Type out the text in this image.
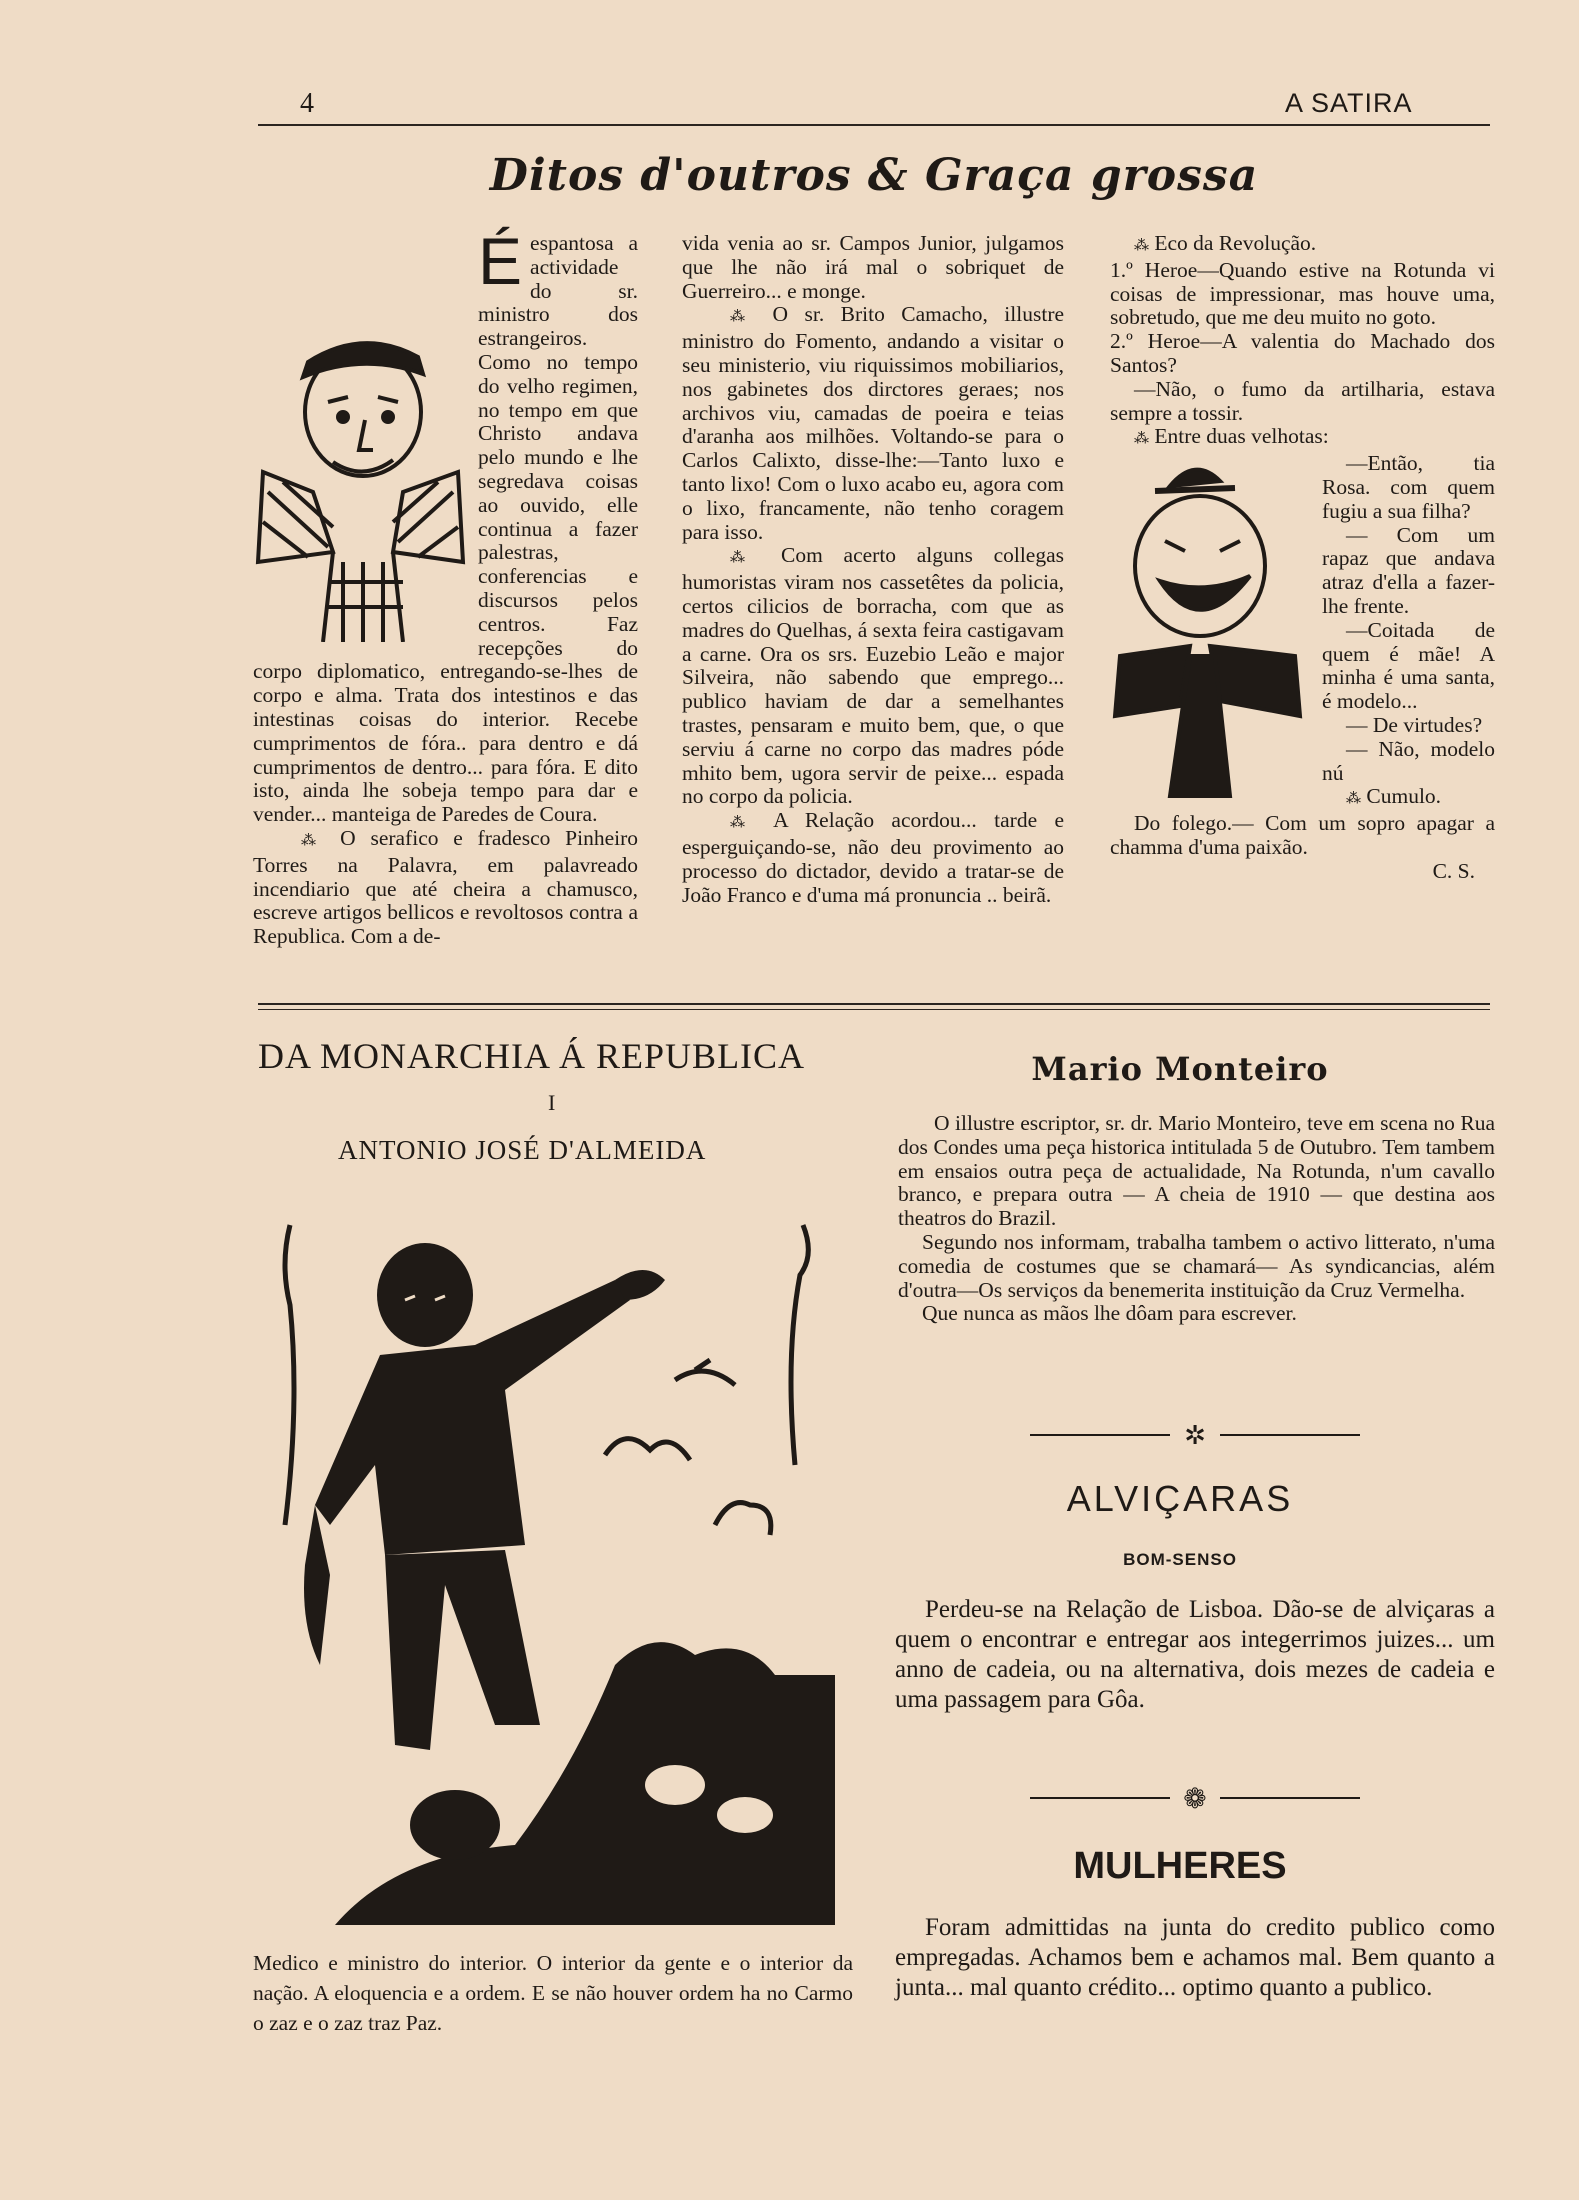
4	A SATIRA
Ditos d'outros & Graça grossa

Éespantosa a actividade do sr. ministro dos estrangeiros. Como no tempo do velho regimen, no tempo em que Christo andava pelo mundo e lhe segredava coisas ao ouvido, elle continua a fazer palestras, conferencias e discursos pelos centros. Faz recepções do corpo diplomatico, entregando-se-lhes de corpo e alma. Trata dos intestinos e das intestinas coisas do interior. Recebe cumprimentos de fóra.. para dentro e dá cumprimentos de dentro... para fóra. E dito isto, ainda lhe sobeja tempo para dar e vender... manteiga de Paredes de Coura.

⁂ O serafico e fradesco Pinheiro Torres na Palavra, em palavreado incendiario que até cheira a chamusco, escreve artigos bellicos e revoltosos contra a Republica. Com a de-

vida venia ao sr. Campos Junior, julgamos que lhe não irá mal o sobriquet de Guerreiro... e monge.

⁂ O sr. Brito Camacho, illustre ministro do Fomento, andando a visitar o seu ministerio, viu riquissimos mobiliarios, nos gabinetes dos dirctores geraes; nos archivos viu, camadas de poeira e teias d'aranha aos milhões. Voltando-se para o Carlos Calixto, disse-lhe:—Tanto luxo e tanto lixo! Com o luxo acabo eu, agora com o lixo, francamente, não tenho coragem para isso.

⁂ Com acerto alguns collegas humoristas viram nos cassetêtes da policia, certos cilicios de borracha, com que as madres do Quelhas, á sexta feira castigavam a carne. Ora os srs. Euzebio Leão e major Silveira, não sabendo que emprego... publico haviam de dar a semelhantes trastes, pensaram e muito bem, que, o que serviu á carne no corpo das madres póde mhito bem, ugora servir de peixe... espada no corpo da policia.

⁂ A Relação acordou... tarde e esperguiçando-se, não deu provimento ao processo do dictador, devido a tratar-se de João Franco e d'uma má pronuncia .. beirã.

⁂ Eco da Revolução.

1.º Heroe—Quando estive na Rotunda vi coisas de impressionar, mas houve uma, sobretudo, que me deu muito no goto.

2.º Heroe—A valentia do Machado dos Santos?

—Não, o fumo da artilharia, estava sempre a tossir.

⁂ Entre duas velhotas:

—Então, tia Rosa. com quem fugiu a sua filha?

— Com um rapaz que andava atraz d'ella a fazer-lhe frente.

—Coitada de quem é mãe! A minha é uma santa, é modelo...

— De virtudes?

— Não, modelo nú

⁂ Cumulo.

Do folego.— Com um sopro apagar a chamma d'uma paixão.

C. S.

DA MONARCHIA Á REPUBLICA
I
ANTONIO JOSÉ D'ALMEIDA
Medico e ministro do interior. O interior da gente e o interior da nação. A eloquencia e a ordem. E se não houver ordem ha no Carmo o zaz e o zaz traz Paz.
Mario Monteiro

O illustre escriptor, sr. dr. Mario Monteiro, teve em scena no Rua dos Condes uma peça historica intitulada 5 de Outubro. Tem tambem em ensaios outra peça de actualidade, Na Rotunda, n'um cavallo branco, e prepara outra — A cheia de 1910 — que destina aos theatros do Brazil.

Segundo nos informam, trabalha tambem o activo litterato, n'uma comedia de costumes que se chamará— As syndicancias, além d'outra—Os serviços da benemerita instituição da Cruz Vermelha.

Que nunca as mãos lhe dôam para escrever.

✲
ALVIÇARAS
BOM-SENSO
Perdeu-se na Relação de Lisboa. Dão-se de alviçaras a quem o encontrar e entregar aos integerrimos juizes... um anno de cadeia, ou na alternativa, dois mezes de cadeia e uma passagem para Gôa.
❁
MULHERES
Foram admittidas na junta do credito publico como empregadas. Achamos bem e achamos mal. Bem quanto a junta... mal quanto crédito... optimo quanto a publico.
